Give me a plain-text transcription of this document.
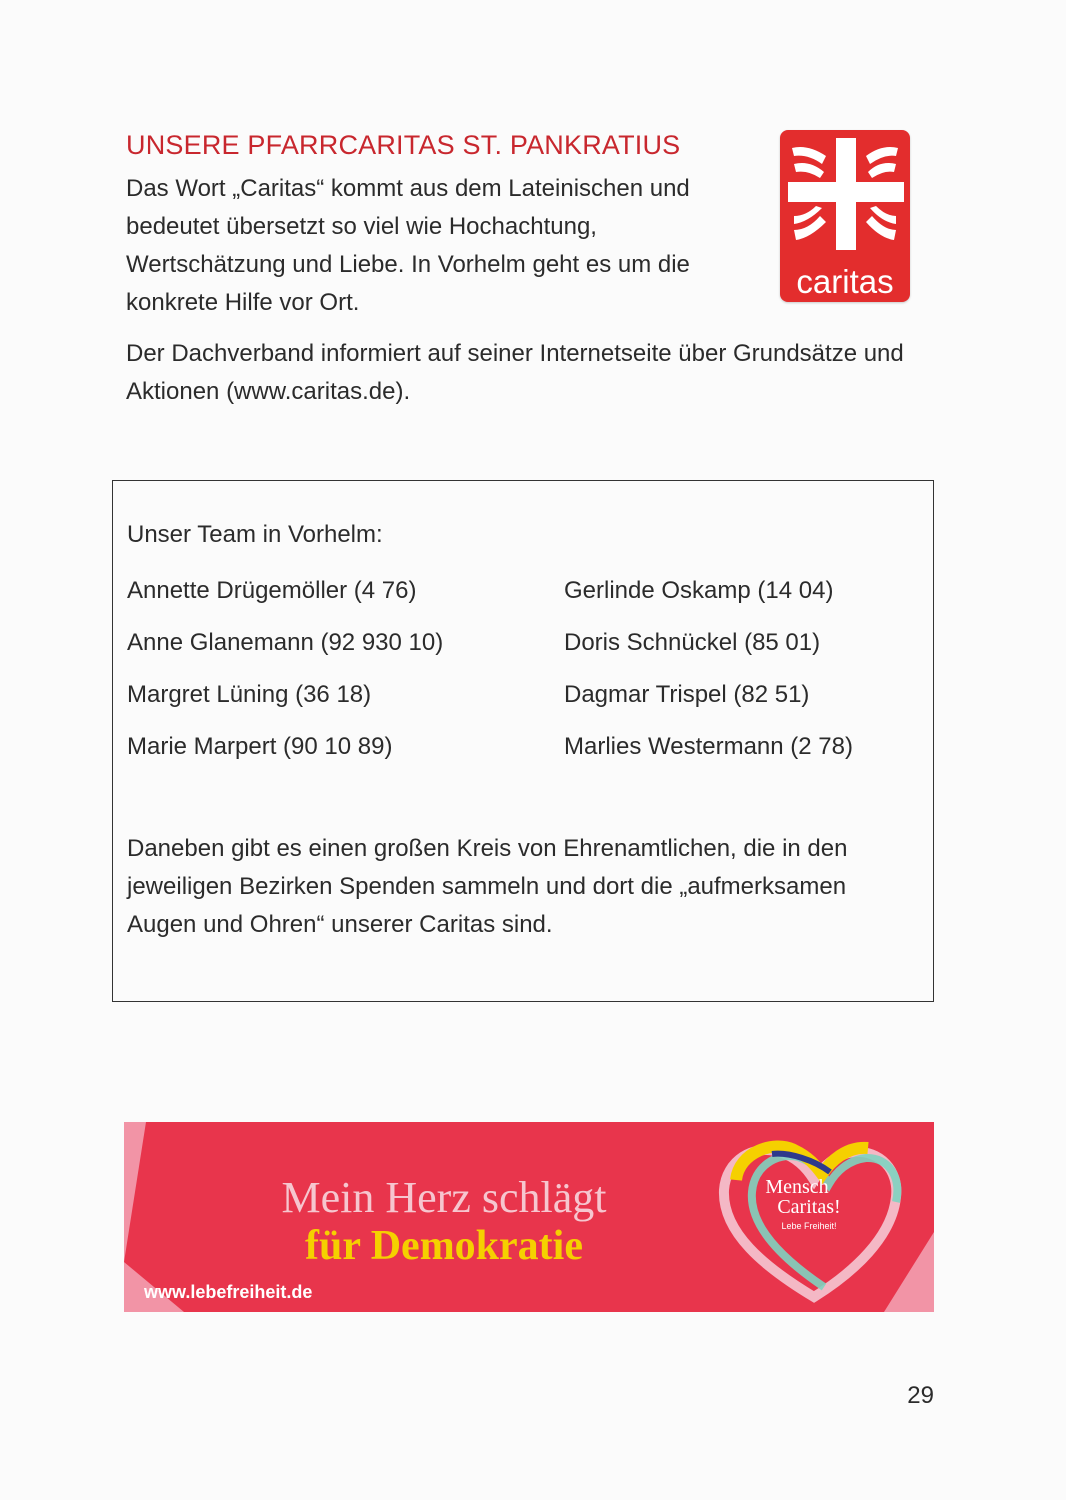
UNSERE PFARRCARITAS ST. PANKRATIUS

Das Wort „Caritas“ kommt aus dem Lateinischen und bedeutet übersetzt so viel wie Hochachtung, Wertschätzung und Liebe. In Vorhelm geht es um die konkrete Hilfe vor Ort.

Der Dachverband informiert auf seiner Internetseite über Grundsätze und Aktionen (www.caritas.de).

caritas
Unser Team in Vorhelm:
Annette Drügemöller (4 76)
Anne Glanemann (92 930 10)
Margret Lüning (36 18)
Marie Marpert (90 10 89)
Gerlinde Oskamp (14 04)
Doris Schnückel (85 01)
Dagmar Trispel (82 51)
Marlies Westermann (2 78)

Daneben gibt es einen großen Kreis von Ehrenamtlichen, die in den jeweiligen Bezirken Spenden sammeln und dort die „aufmerksamen Augen und Ohren“ unserer Caritas sind.

Mein Herz schlägt
für Demokratie
www.lebefreiheit.de
Mensch
Caritas!
Lebe Freiheit!
29
